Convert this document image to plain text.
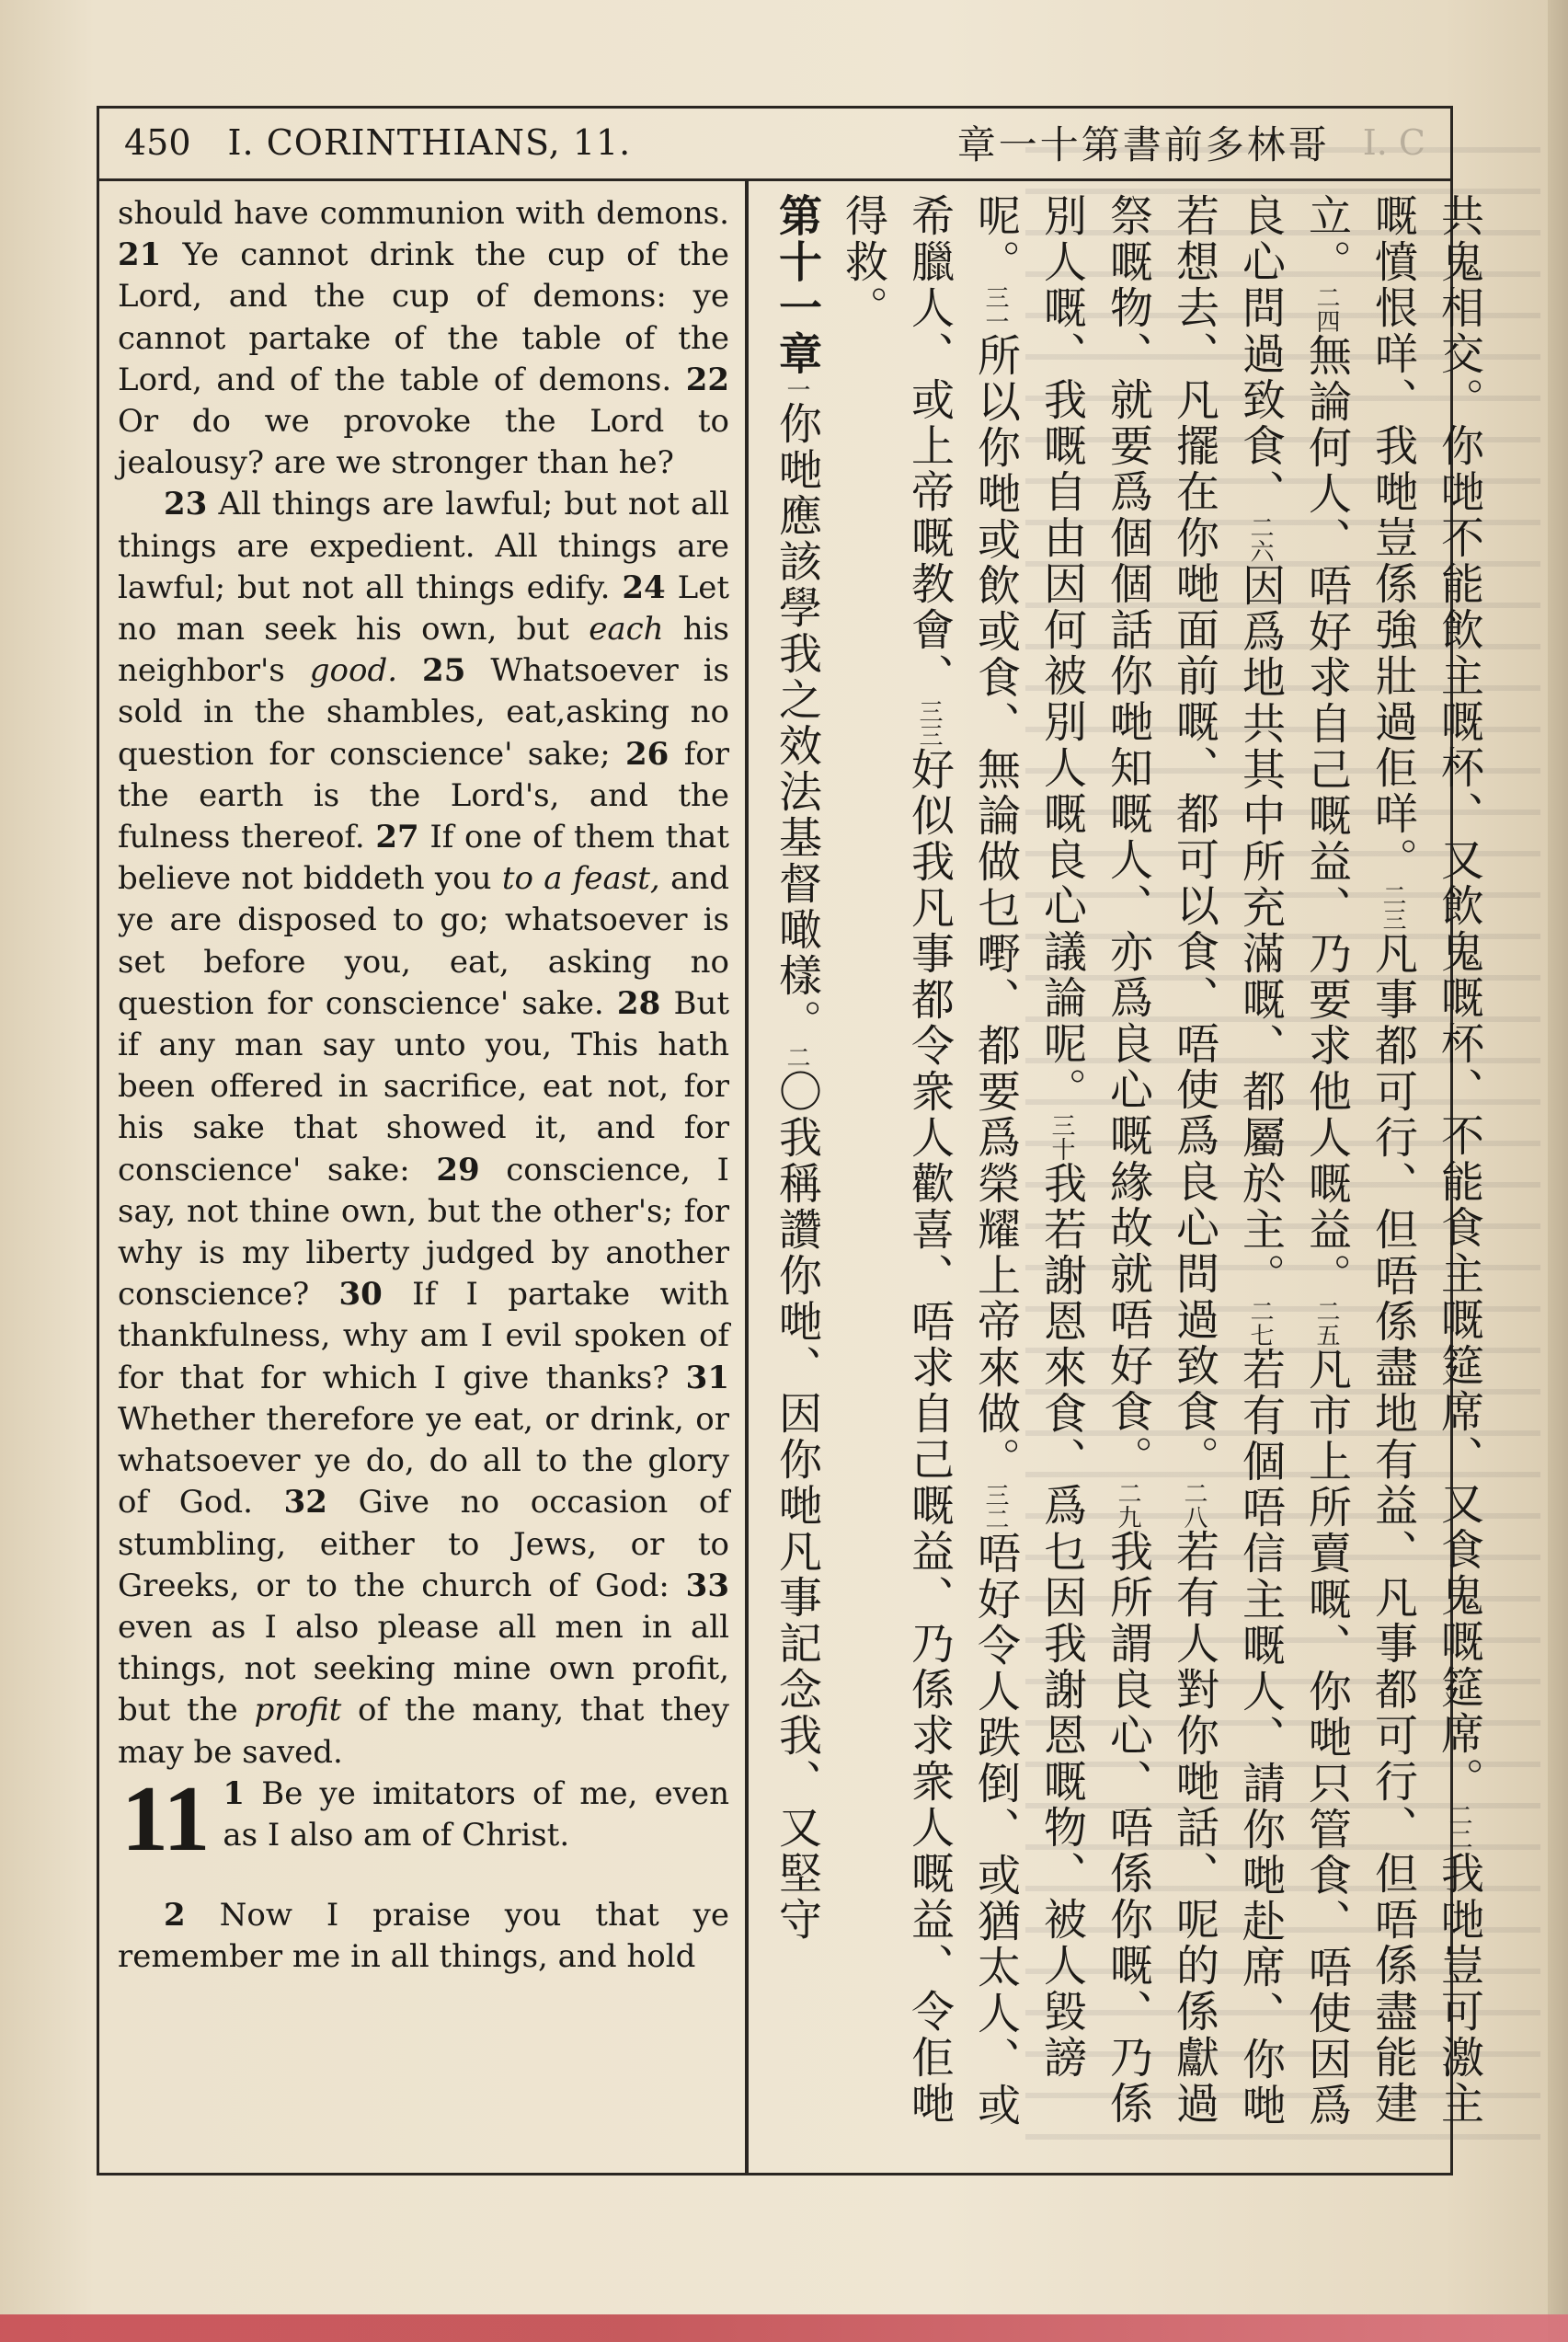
450 I. CORINTHIANS, 11.	章一十第書前多林哥 I. C

should have communion with demons. 21 Ye cannot drink the cup of the Lord, and the cup of demons: ye cannot partake of the table of the Lord, and of the table of demons. 22 Or do we provoke the Lord to jealousy? are we stronger than he?

23 All things are lawful; but not all things are expedient. All things are lawful; but not all things edify. 24 Let no man seek his own, but each his neighbor's good. 25 Whatsoever is sold in the shambles, eat,asking no question for conscience' sake; 26 for the earth is the Lord's, and the fulness thereof. 27 If one of them that believe not biddeth you to a feast, and ye are disposed to go; whatsoever is set before you, eat, asking no question for conscience' sake. 28 But if any man say unto you, This hath been offered in sacrifice, eat not, for his sake that showed it, and for conscience' sake: 29 conscience, I say, not thine own, but the other's; for why is my liberty judged by another conscience? 30 If I partake with thankfulness, why am I evil spoken of for that for which I give thanks? 31 Whether therefore ye eat, or drink, or whatsoever ye do, do all to the glory of God. 32 Give no occasion of stumbling, either to Jews, or to Greeks, or to the church of God: 33 even as I also please all men in all things, not seeking mine own profit, but the profit of the many, that they may be saved.

11 1 Be ye imitators of me, even as I also am of Christ.

2 Now I praise you that ye remember me in all things, and hold

共鬼相交。你哋不能飲主嘅杯、又飲鬼嘅杯、不能食主嘅筵席、又食鬼嘅筵席。二二我哋豈可激主嘅憤恨咩、我哋豈係強壯過佢咩。二三凡事都可行、但唔係盡地有益、凡事都可行、但唔係盡能建立。二四無論何人、唔好求自己嘅益、乃要求他人嘅益。二五凡市上所賣嘅、你哋只管食、唔使因爲良心問過致食、二六因爲地共其中所充滿嘅、都屬於主。二七若有個唔信主嘅人、請你哋赴席、你哋若想去、凡擺在你哋面前嘅、都可以食、唔使爲良心問過致食。二八若有人對你哋話、呢的係獻過祭嘅物、就要爲個個話你哋知嘅人、亦爲良心嘅緣故就唔好食。二九我所謂良心、唔係你嘅、乃係別人嘅、我嘅自由因何被別人嘅良心議論呢。三十我若謝恩來食、爲乜因我謝恩嘅物、被人毀謗呢。三一所以你哋或飲或食、無論做乜嘢、都要爲榮耀上帝來做。三二唔好令人跌倒、或猶太人、或希臘人、或上帝嘅教會、三三好似我凡事都令衆人歡喜、唔求自己嘅益、乃係求衆人嘅益、令佢哋得救。
第十一章一你哋應該學我之效法基督噉樣。二〇我稱讚你哋、因你哋凡事記念我、又堅守
